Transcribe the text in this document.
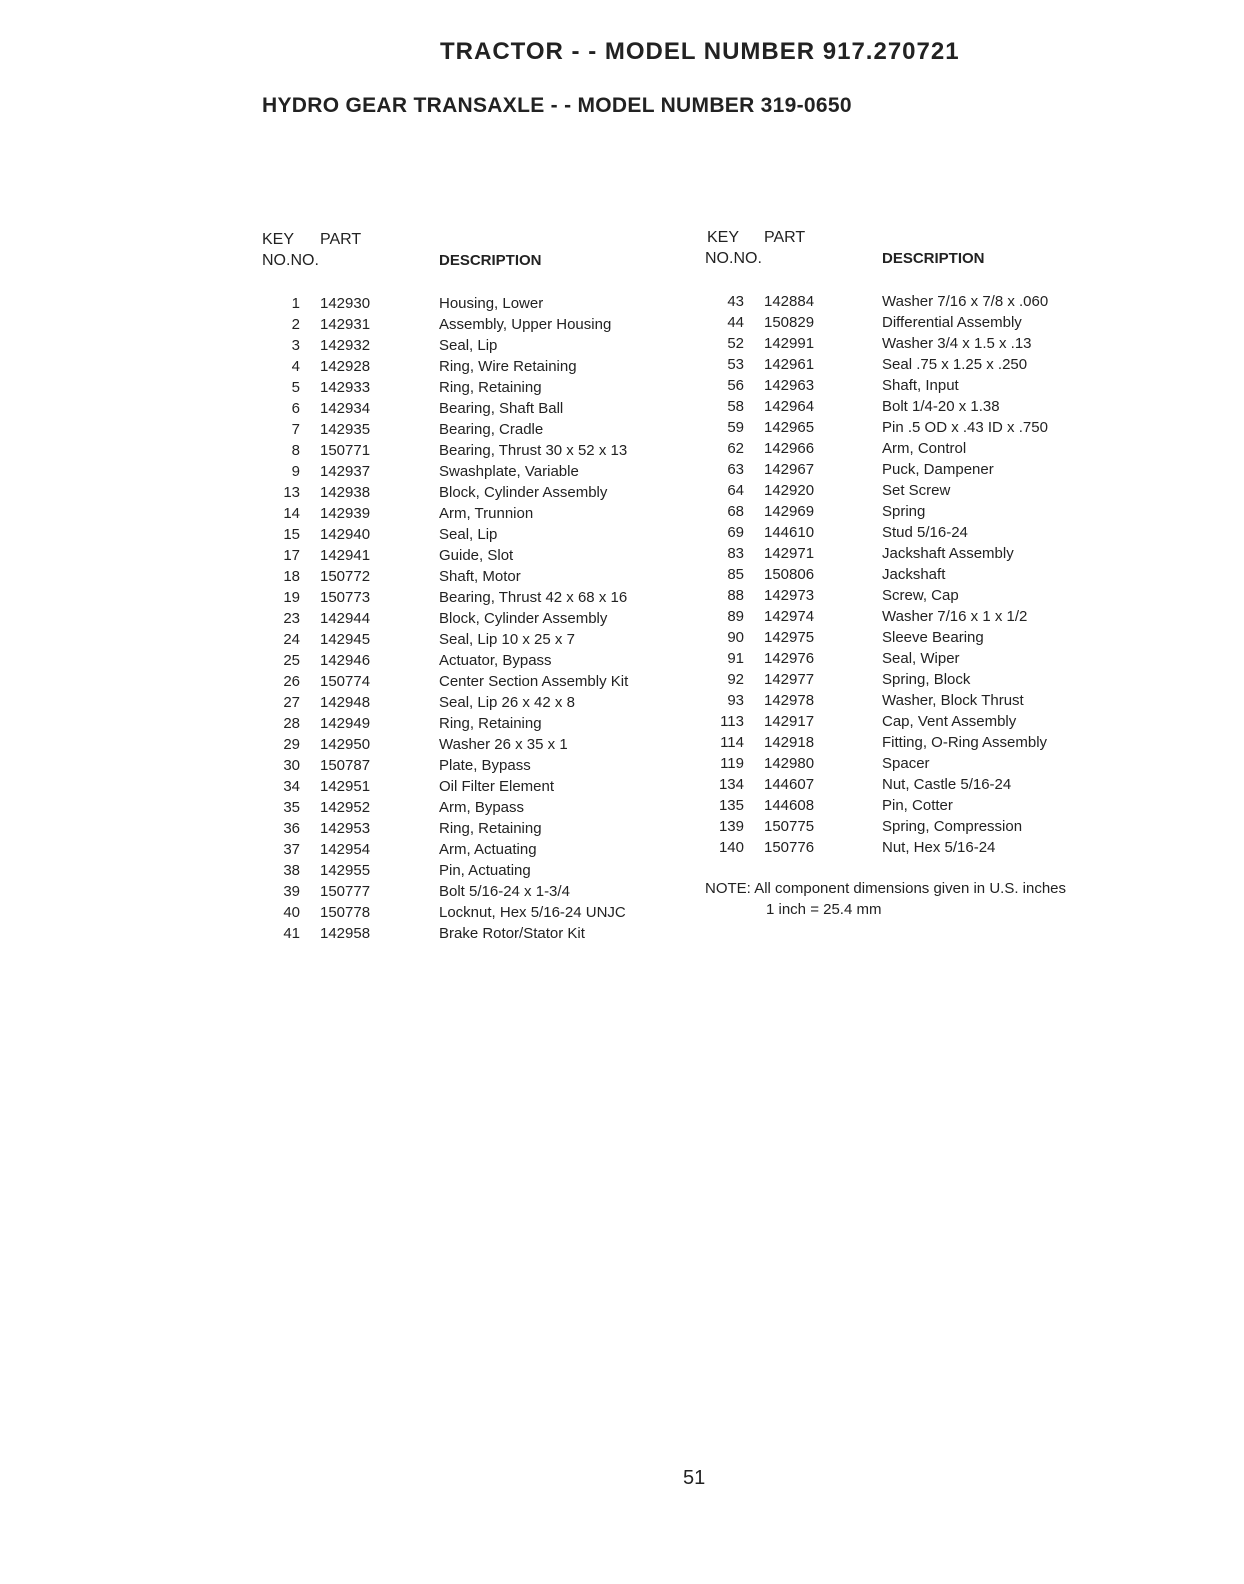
TRACTOR - - MODEL NUMBER 917.270721
HYDRO GEAR TRANSAXLE - - MODEL NUMBER 319-0650
KEY PART
NO.NO.	DESCRIPTION
KEY PART
NO.NO.	DESCRIPTION
1 142930	Housing, Lower
2 142931	Assembly, Upper Housing
3 142932	Seal, Lip
4 142928	Ring, Wire Retaining
5 142933	Ring, Retaining
6 142934	Bearing, Shaft Ball
7 142935	Bearing, Cradle
8 150771	Bearing, Thrust 30 x 52 x 13
9 142937	Swashplate, Variable
13 142938	Block, Cylinder Assembly
14 142939	Arm, Trunnion
15 142940	Seal, Lip
17 142941	Guide, Slot
18 150772	Shaft, Motor
19 150773	Bearing, Thrust 42 x 68 x 16
23 142944	Block, Cylinder Assembly
24 142945	Seal, Lip 10 x 25 x 7
25 142946	Actuator, Bypass
26 150774	Center Section Assembly Kit
27 142948	Seal, Lip 26 x 42 x 8
28 142949	Ring, Retaining
29 142950	Washer 26 x 35 x 1
30 150787	Plate, Bypass
34 142951	Oil Filter Element
35 142952	Arm, Bypass
36 142953	Ring, Retaining
37 142954	Arm, Actuating
38 142955	Pin, Actuating
39 150777	Bolt 5/16-24 x 1-3/4
40 150778	Locknut, Hex 5/16-24 UNJC
41 142958	Brake Rotor/Stator Kit
43 142884	Washer 7/16 x 7/8 x .060
44 150829	Differential Assembly
52 142991	Washer 3/4 x 1.5 x .13
53 142961	Seal .75 x 1.25 x .250
56 142963	Shaft, Input
58 142964	Bolt 1/4-20 x 1.38
59 142965	Pin .5 OD x .43 ID x .750
62 142966	Arm, Control
63 142967	Puck, Dampener
64 142920	Set Screw
68 142969	Spring
69 144610	Stud 5/16-24
83 142971	Jackshaft Assembly
85 150806	Jackshaft
88 142973	Screw, Cap
89 142974	Washer 7/16 x 1 x 1/2
90 142975	Sleeve Bearing
91 142976	Seal, Wiper
92 142977	Spring, Block
93 142978	Washer, Block Thrust
113 142917	Cap, Vent Assembly
114 142918	Fitting, O-Ring Assembly
119 142980	Spacer
134 144607	Nut, Castle 5/16-24
135 144608	Pin, Cotter
139 150775	Spring, Compression
140 150776	Nut, Hex 5/16-24
NOTE: All component dimensions given in U.S. inches
1 inch = 25.4 mm
51
